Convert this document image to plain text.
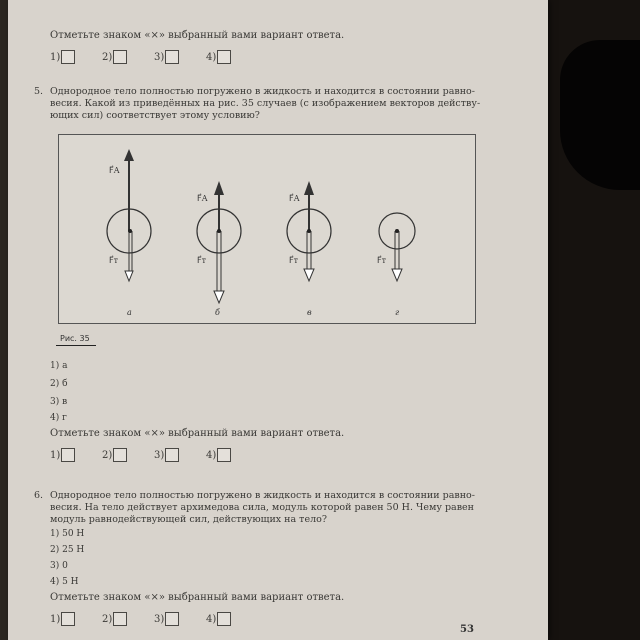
Отметьте знаком «×» выбранный вами вариант ответа.
1)	2)	3)	4)
5. Однородное тело полностью погружено в жидкость и находится в состоянии равно-
весия. Какой из приведённых на рис. 35 случаев (с изображением векторов действу-
ющих сил) соответствует этому условию?
F⃗А
F⃗т
F⃗А
F⃗т
F⃗А
F⃗т	F⃗т
а	б	в	г
Рис. 35
1) а
2) б
3) в
4) г
Отметьте знаком «×» выбранный вами вариант ответа.
1)	2)	3)	4)
6. Однородное тело полностью погружено в жидкость и находится в состоянии равно-
весия. На тело действует архимедова сила, модуль которой равен 50 Н. Чему равен
модуль равнодействующей сил, действующих на тело?
1) 50 Н
2) 25 Н
3) 0
4) 5 Н
Отметьте знаком «×» выбранный вами вариант ответа.
1)	2)	3)	4)
53
